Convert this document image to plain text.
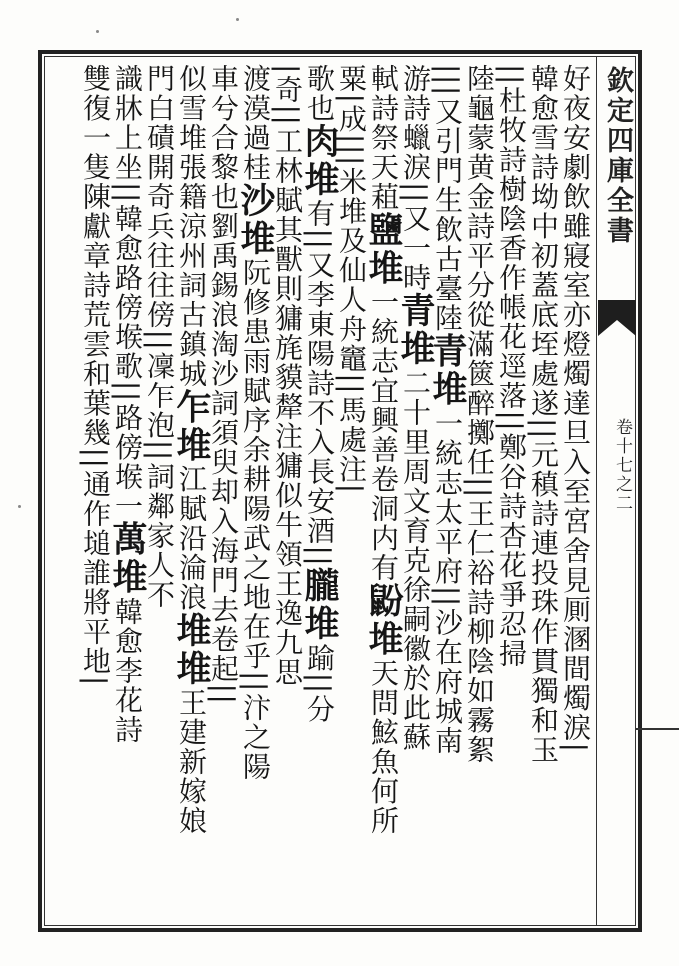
欽定四庫全書
卷十七之二
好夜安劇飲雖寢室亦燈燭達旦入至宮舍見厠溷間燭淚|
韓愈雪詩坳中初蓋底垤處遂||元稹詩連投珠作貫獨和玉
||杜牧詩樹陰香作帳花逕落||鄭谷詩杏花爭忍掃
陸龜蒙黄金詩平分從滿篋醉擲任||王仁裕詩柳陰如霧絮
|||又引門生飲古臺陸青堆一統志太平府||沙在府城南
游詩蠟淚||又一時青堆二十里周文育克徐嗣徽於此蘇
軾詩祭天蒩鹽堆一統志宜興善卷洞内有鼢堆天問鮌魚何所
粟|成|||米堆及仙人舟竈||馬處注|
歌也肉堆有||又李東陽詩不入長安酒||朧堆踰||分
|奇||工林賦其獸則㺎旄貘犛注㺎似牛領王逸九思
渡漠過桂沙堆阮修患雨賦序余耕陽武之地在乎||汴之陽
車兮合黎也劉禹錫浪淘沙詞須臾却入海門去卷起||
似雪堆張籍涼州詞古鎮城乍堆江賦沿淪浪堆堆王建新嫁娘
門白磧開奇兵往往傍||凜乍泡||詞鄰家人不
識牀上坐||韓愈路傍堠歌||路傍堠一萬堆韓愈李花詩
雙復一隻陳獻章詩荒雲和葉幾||通作塠誰將平地|
